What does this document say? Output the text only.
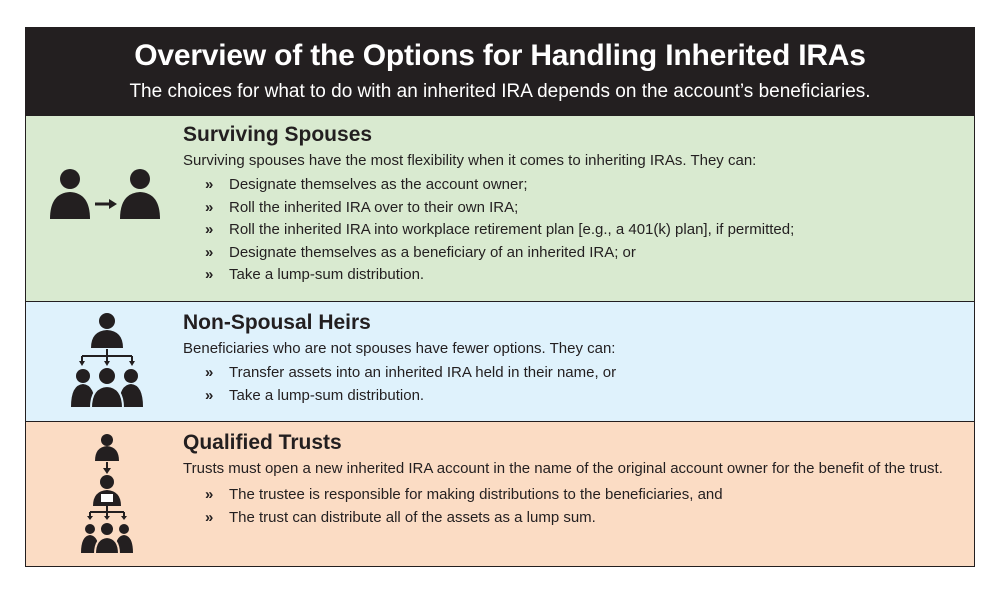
Overview of the Options for Handling Inherited IRAs
The choices for what to do with an inherited IRA depends on the account’s beneficiaries.
Surviving Spouses

Surviving spouses have the most flexibility when it comes to inheriting IRAs. They can:

» Designate themselves as the account owner;
» Roll the inherited IRA over to their own IRA;
» Roll the inherited IRA into workplace retirement plan [e.g., a 401(k) plan], if permitted;
» Designate themselves as a beneficiary of an inherited IRA; or
» Take a lump-sum distribution.
Non-Spousal Heirs

Beneficiaries who are not spouses have fewer options. They can:

» Transfer assets into an inherited IRA held in their name, or
» Take a lump-sum distribution.
Qualified Trusts

Trusts must open a new inherited IRA account in the name of the original account owner for the benefit of the trust.

» The trustee is responsible for making distributions to the beneficiaries, and
» The trust can distribute all of the assets as a lump sum.
